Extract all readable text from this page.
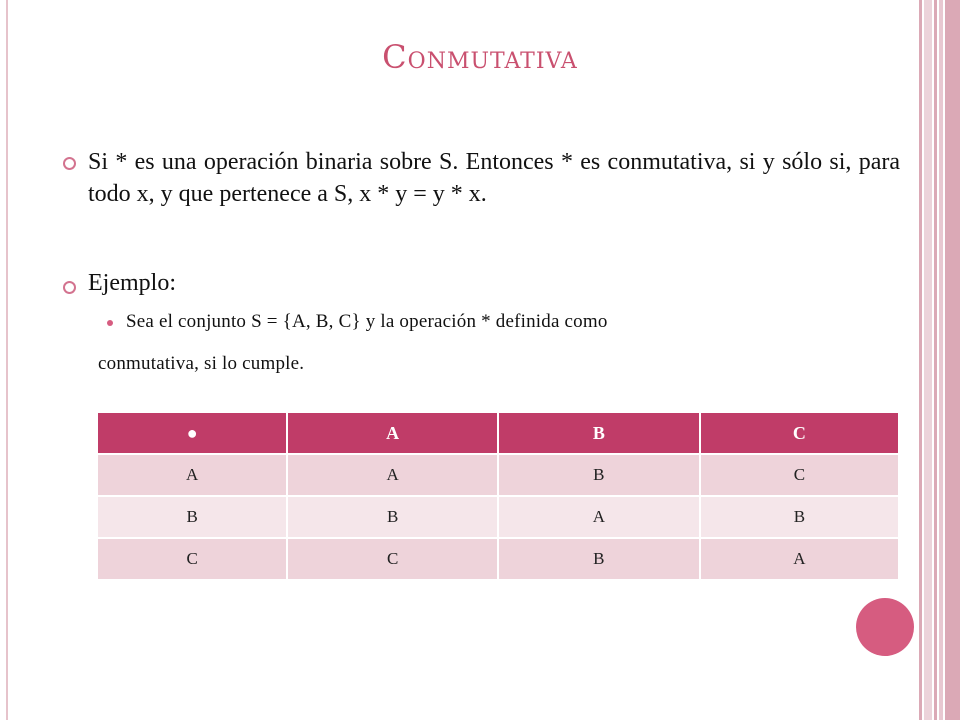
Conmutativa
Si * es una operación binaria sobre S. Entonces * es conmutativa, si y sólo si, para todo x, y que pertenece a S, x * y = y * x.
Ejemplo:
Sea el conjunto S = {A, B, C} y la operación * definida como
conmutativa, si lo cumple.
●	A	B	C
A	A	B	C
B	B	A	B
C	C	B	A
